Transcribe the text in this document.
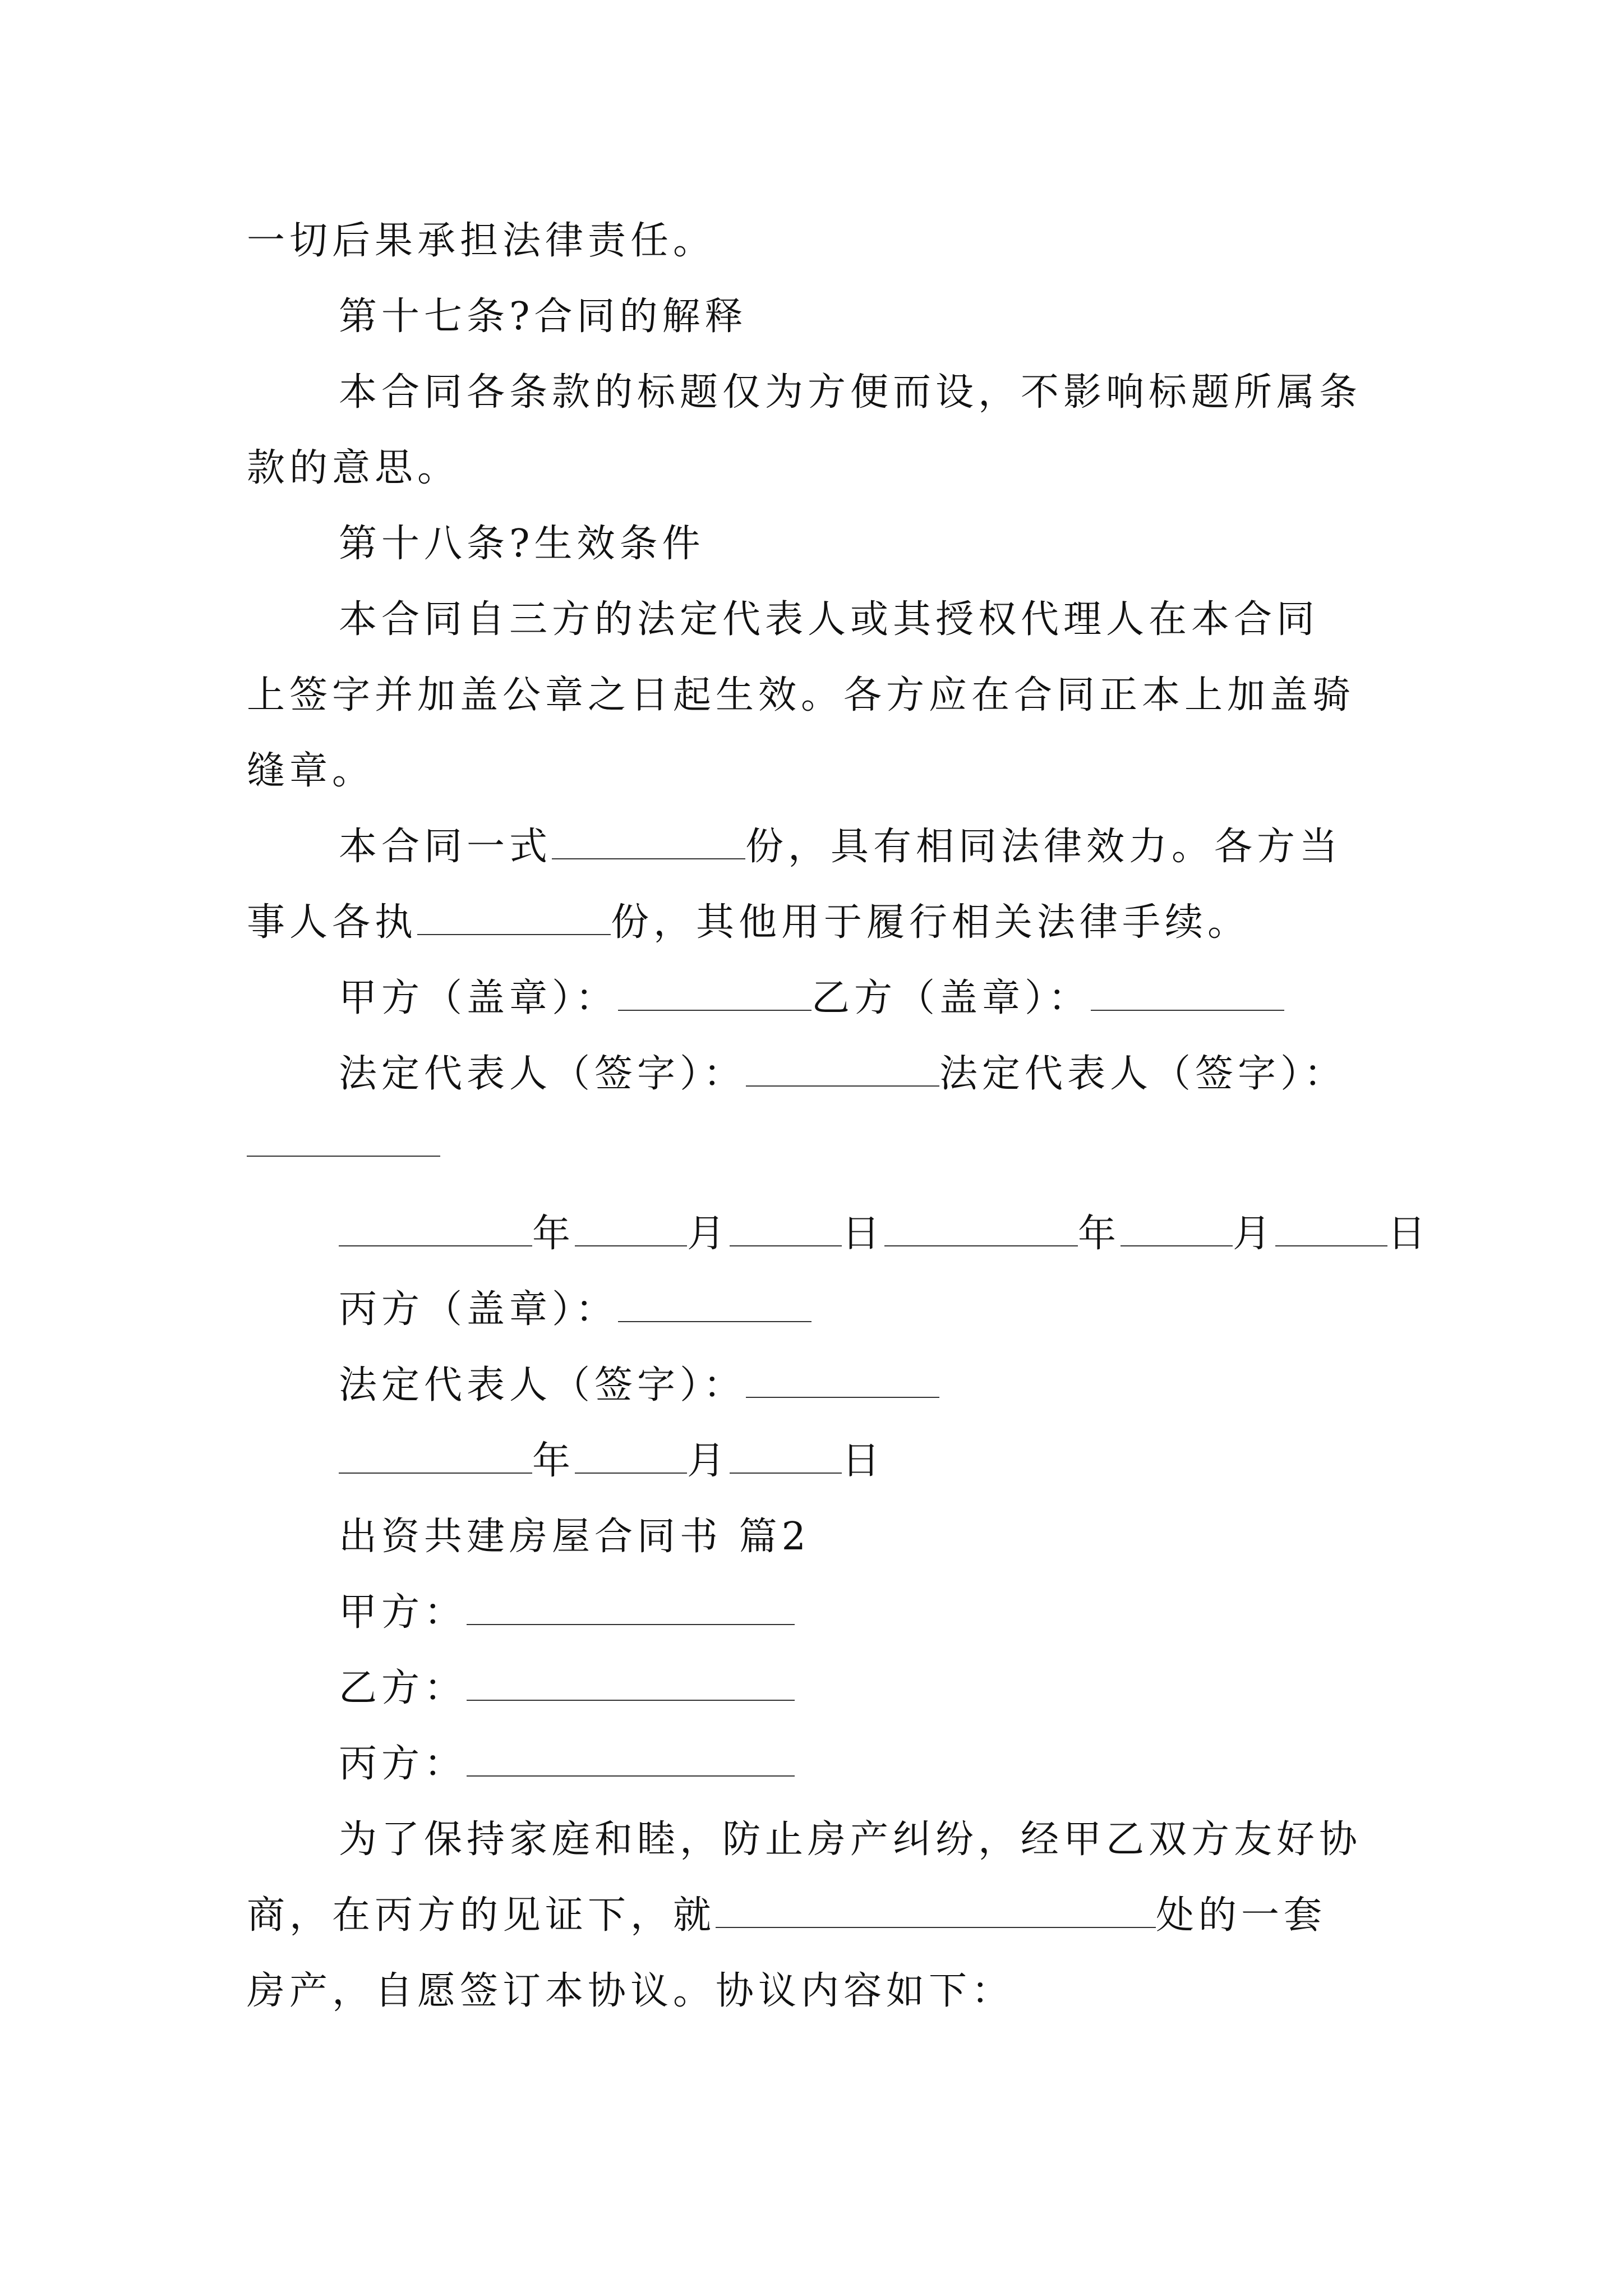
一切后果承担法律责任。
第十七条?合同的解释
本合同各条款的标题仅为方便而设，不影响标题所属条
款的意思。
第十八条?生效条件
本合同自三方的法定代表人或其授权代理人在本合同
上签字并加盖公章之日起生效。各方应在合同正本上加盖骑
缝章。
本合同一式	份，具有相同法律效力。各方当
事人各执	份，其他用于履行相关法律手续。
甲方（盖章）：	乙方（盖章）：
法定代表人（签字）：	法定代表人（签字）：
年	月	日	年	月	日
丙方（盖章）：
法定代表人（签字）：
年	月	日
出资共建房屋合同书 篇2
甲方：
乙方：
丙方：
为了保持家庭和睦，防止房产纠纷，经甲乙双方友好协
商，在丙方的见证下，就	处的一套
房产，自愿签订本协议。协议内容如下：
